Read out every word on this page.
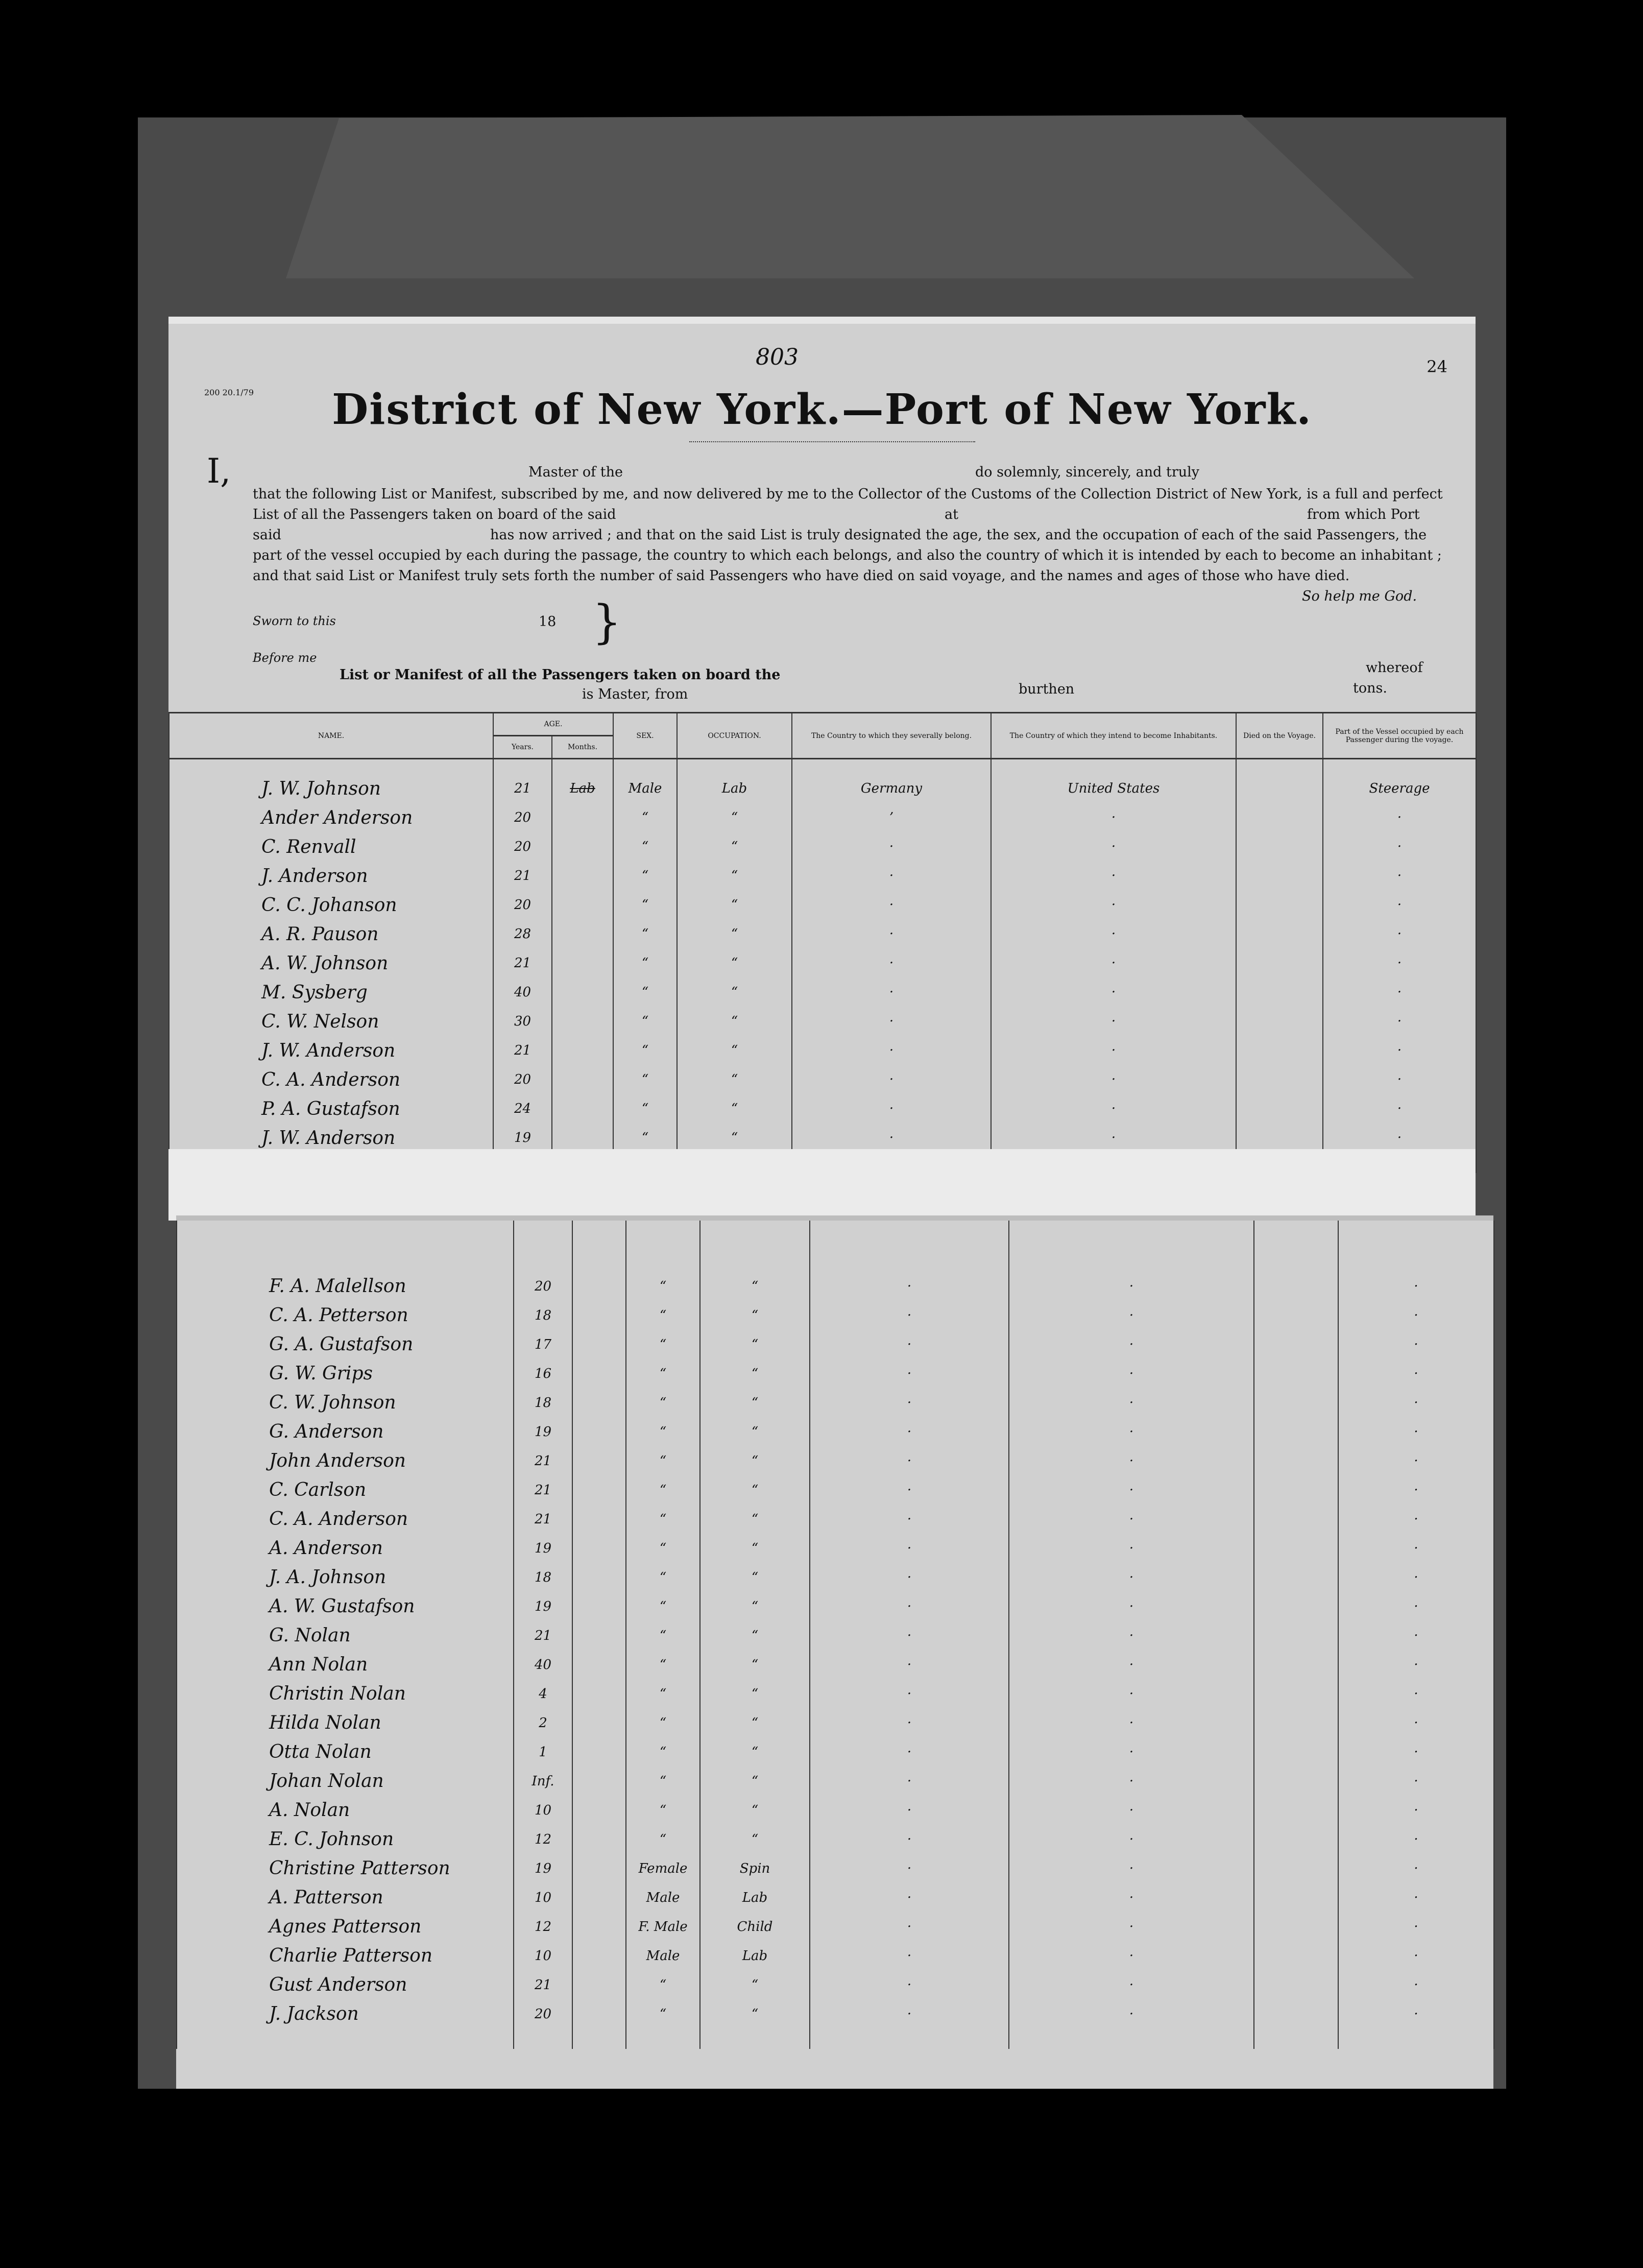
200 20.1/79
803	24
District of New York.—Port of New York.
I,	Master of the	do solemnly, sincerely, and truly
that the following List or Manifest, subscribed by me, and now delivered by me to the Collector of the Customs of the Collection District of New York, is a full and perfect
List of all the Passengers taken on board of the said	at	from which Port
said	has now arrived ; and that on the said List is truly designated the age, the sex, and the occupation of each of the said Passengers, the
part of the vessel occupied by each during the passage, the country to which each belongs, and also the country of which it is intended by each to become an inhabitant ;
and that said List or Manifest truly sets forth the number of said Passengers who have died on said voyage, and the names and ages of those who have died.
So help me God.
Sworn to this	18 }
Before me
List or Manifest of all the Passengers taken on board the	whereof
is Master, from	burthen	tons.
NAME.	AGE.		SEX.	OCCUPATION.	The Country to which they severally belong.	The Country of which they intend to become Inhabitants.	Died on the Voyage.	Part of the Vessel occupied by each Passenger during the voyage.
	Years.	Months.						

J. W. Johnson	21	Lab	Male	Lab	Germany	United States		Steerage
Ander Anderson	20		“	“	’	·		·
C. Renvall	20		“	“	·	·		·
J. Anderson	21		“	“	·	·		·
C. C. Johanson	20		“	“	·	·		·
A. R. Pauson	28		“	“	·	·		·
A. W. Johnson	21		“	“	·	·		·
M. Sysberg	40		“	“	·	·		·
C. W. Nelson	30		“	“	·	·		·
J. W. Anderson	21		“	“	·	·		·
C. A. Anderson	20		“	“	·	·		·
P. A. Gustafson	24		“	“	·	·		·
J. W. Anderson	19		“	“	·	·		·

F. A. Malellson	20		“	“	·	·		·
C. A. Petterson	18		“	“	·	·		·
G. A. Gustafson	17		“	“	·	·		·
G. W. Grips	16		“	“	·	·		·
C. W. Johnson	18		“	“	·	·		·
G. Anderson	19		“	“	·	·		·
John Anderson	21		“	“	·	·		·
C. Carlson	21		“	“	·	·		·
C. A. Anderson	21		“	“	·	·		·
A. Anderson	19		“	“	·	·		·
J. A. Johnson	18		“	“	·	·		·
A. W. Gustafson	19		“	“	·	·		·
G. Nolan	21		“	“	·	·		·
Ann Nolan	40		“	“	·	·		·
Christin Nolan	4		“	“	·	·		·
Hilda Nolan	2		“	“	·	·		·
Otta Nolan	1		“	“	·	·		·
Johan Nolan	Inf.		“	“	·	·		·
A. Nolan	10		“	“	·	·		·
E. C. Johnson	12		“	“	·	·		·
Christine Patterson	19		Female	Spin	·	·		·
A. Patterson	10		Male	Lab	·	·		·
Agnes Patterson	12		F. Male	Child	·	·		·
Charlie Patterson	10		Male	Lab	·	·		·
Gust Anderson	21		“	“	·	·		·
J. Jackson	20		“	“	·	·		·
